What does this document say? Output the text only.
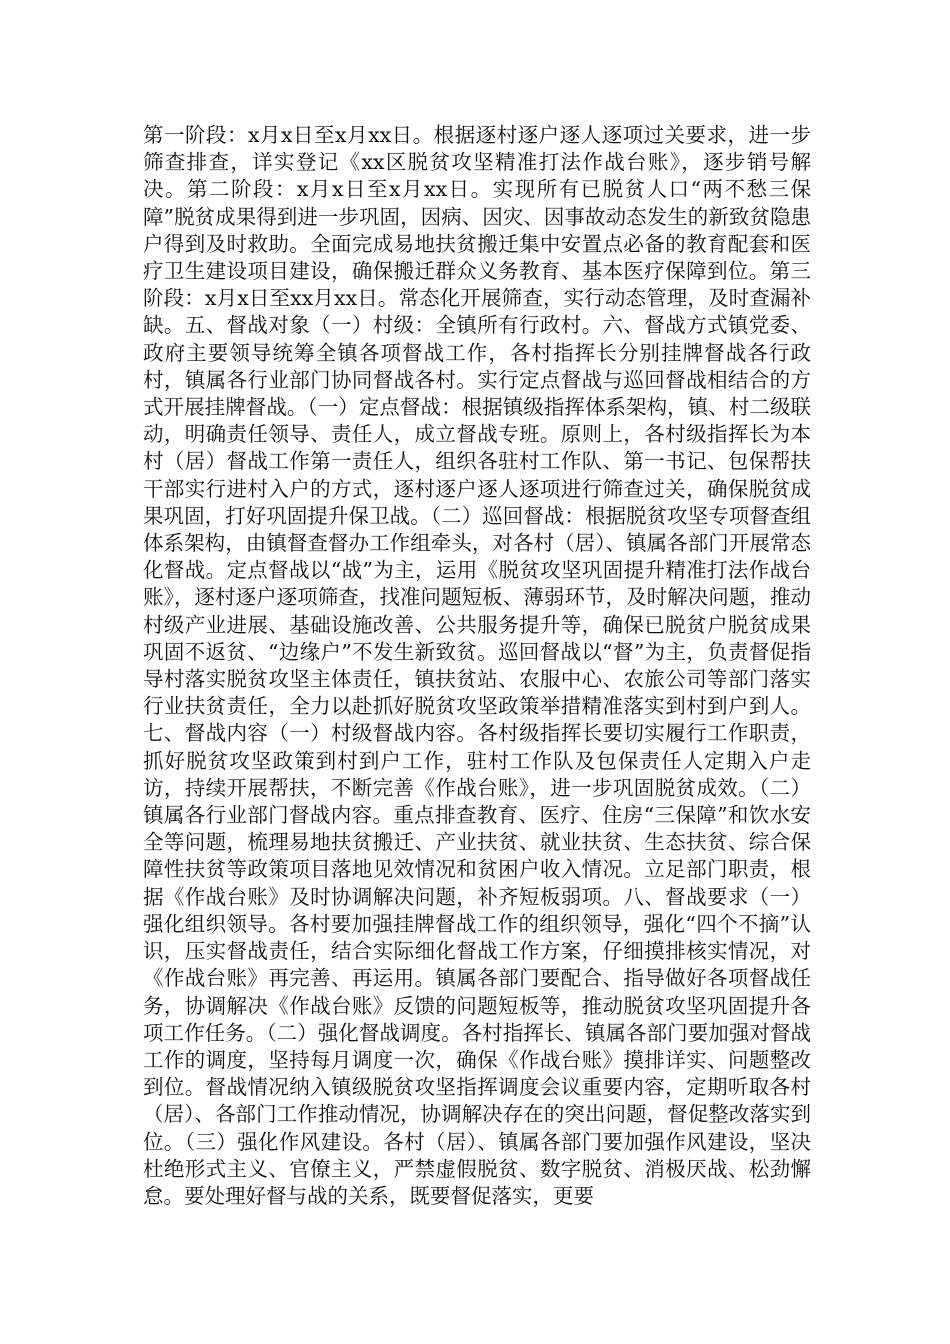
第一阶段：x月x日至x月xx日。根据逐村逐户逐人逐项过关要求，进一步筛查排查，详实登记《xx区脱贫攻坚精准打法作战台账》，逐步销号解决。第二阶段：x月x日至x月xx日。实现所有已脱贫人口“两不愁三保障”脱贫成果得到进一步巩固，因病、因灾、因事故动态发生的新致贫隐患户得到及时救助。全面完成易地扶贫搬迁集中安置点必备的教育配套和医疗卫生建设项目建设，确保搬迁群众义务教育、基本医疗保障到位。第三阶段：x月x日至xx月xx日。常态化开展筛查，实行动态管理，及时查漏补缺。五、督战对象（一）村级：全镇所有行政村。六、督战方式镇党委、政府主要领导统筹全镇各项督战工作，各村指挥长分别挂牌督战各行政村，镇属各行业部门协同督战各村。实行定点督战与巡回督战相结合的方式开展挂牌督战。（一）定点督战：根据镇级指挥体系架构，镇、村二级联动，明确责任领导、责任人，成立督战专班。原则上，各村级指挥长为本村（居）督战工作第一责任人，组织各驻村工作队、第一书记、包保帮扶干部实行进村入户的方式，逐村逐户逐人逐项进行筛查过关，确保脱贫成果巩固，打好巩固提升保卫战。（二）巡回督战：根据脱贫攻坚专项督查组体系架构，由镇督查督办工作组牵头，对各村（居）、镇属各部门开展常态化督战。定点督战以“战”为主，运用《脱贫攻坚巩固提升精准打法作战台账》，逐村逐户逐项筛查，找准问题短板、薄弱环节，及时解决问题，推动村级产业进展、基础设施改善、公共服务提升等，确保已脱贫户脱贫成果巩固不返贫、“边缘户”不发生新致贫。巡回督战以“督”为主，负责督促指导村落实脱贫攻坚主体责任，镇扶贫站、农服中心、农旅公司等部门落实行业扶贫责任，全力以赴抓好脱贫攻坚政策举措精准落实到村到户到人。七、督战内容（一）村级督战内容。各村级指挥长要切实履行工作职责，抓好脱贫攻坚政策到村到户工作，驻村工作队及包保责任人定期入户走访，持续开展帮扶，不断完善《作战台账》，进一步巩固脱贫成效。（二）镇属各行业部门督战内容。重点排查教育、医疗、住房“三保障”和饮水安全等问题，梳理易地扶贫搬迁、产业扶贫、就业扶贫、生态扶贫、综合保障性扶贫等政策项目落地见效情况和贫困户收入情况。立足部门职责，根据《作战台账》及时协调解决问题，补齐短板弱项。八、督战要求（一）强化组织领导。各村要加强挂牌督战工作的组织领导，强化“四个不摘”认识，压实督战责任，结合实际细化督战工作方案，仔细摸排核实情况，对《作战台账》再完善、再运用。镇属各部门要配合、指导做好各项督战任务，协调解决《作战台账》反馈的问题短板等，推动脱贫攻坚巩固提升各项工作任务。（二）强化督战调度。各村指挥长、镇属各部门要加强对督战工作的调度，坚持每月调度一次，确保《作战台账》摸排详实、问题整改到位。督战情况纳入镇级脱贫攻坚指挥调度会议重要内容，定期听取各村（居）、各部门工作推动情况，协调解决存在的突出问题，督促整改落实到位。（三）强化作风建设。各村（居）、镇属各部门要加强作风建设，坚决杜绝形式主义、官僚主义，严禁虚假脱贫、数字脱贫、消极厌战、松劲懈怠。要处理好督与战的关系，既要督促落实，更要
